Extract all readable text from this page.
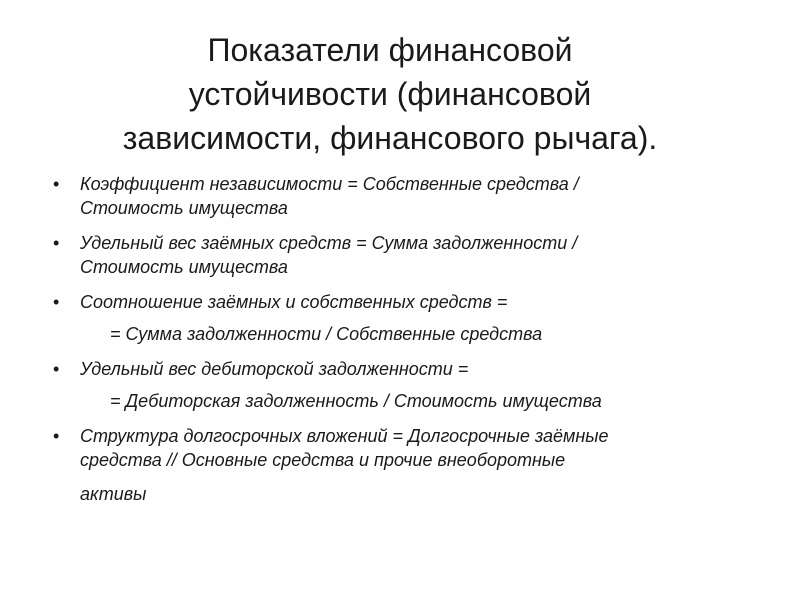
Показатели финансовой
устойчивости (финансовой
зависимости, финансового рычага).
• Коэффициент независимости = Собственные средства /
Стоимость имущества
• Удельный вес заёмных средств = Сумма задолженности /
Стоимость имущества
• Соотношение заёмных и собственных средств =
= Сумма задолженности / Собственные средства
• Удельный вес дебиторской задолженности =
= Дебиторская задолженность / Стоимость имущества
• Структура долгосрочных вложений = Долгосрочные заёмные
средства // Основные средства и прочие внеоборотные
активы
